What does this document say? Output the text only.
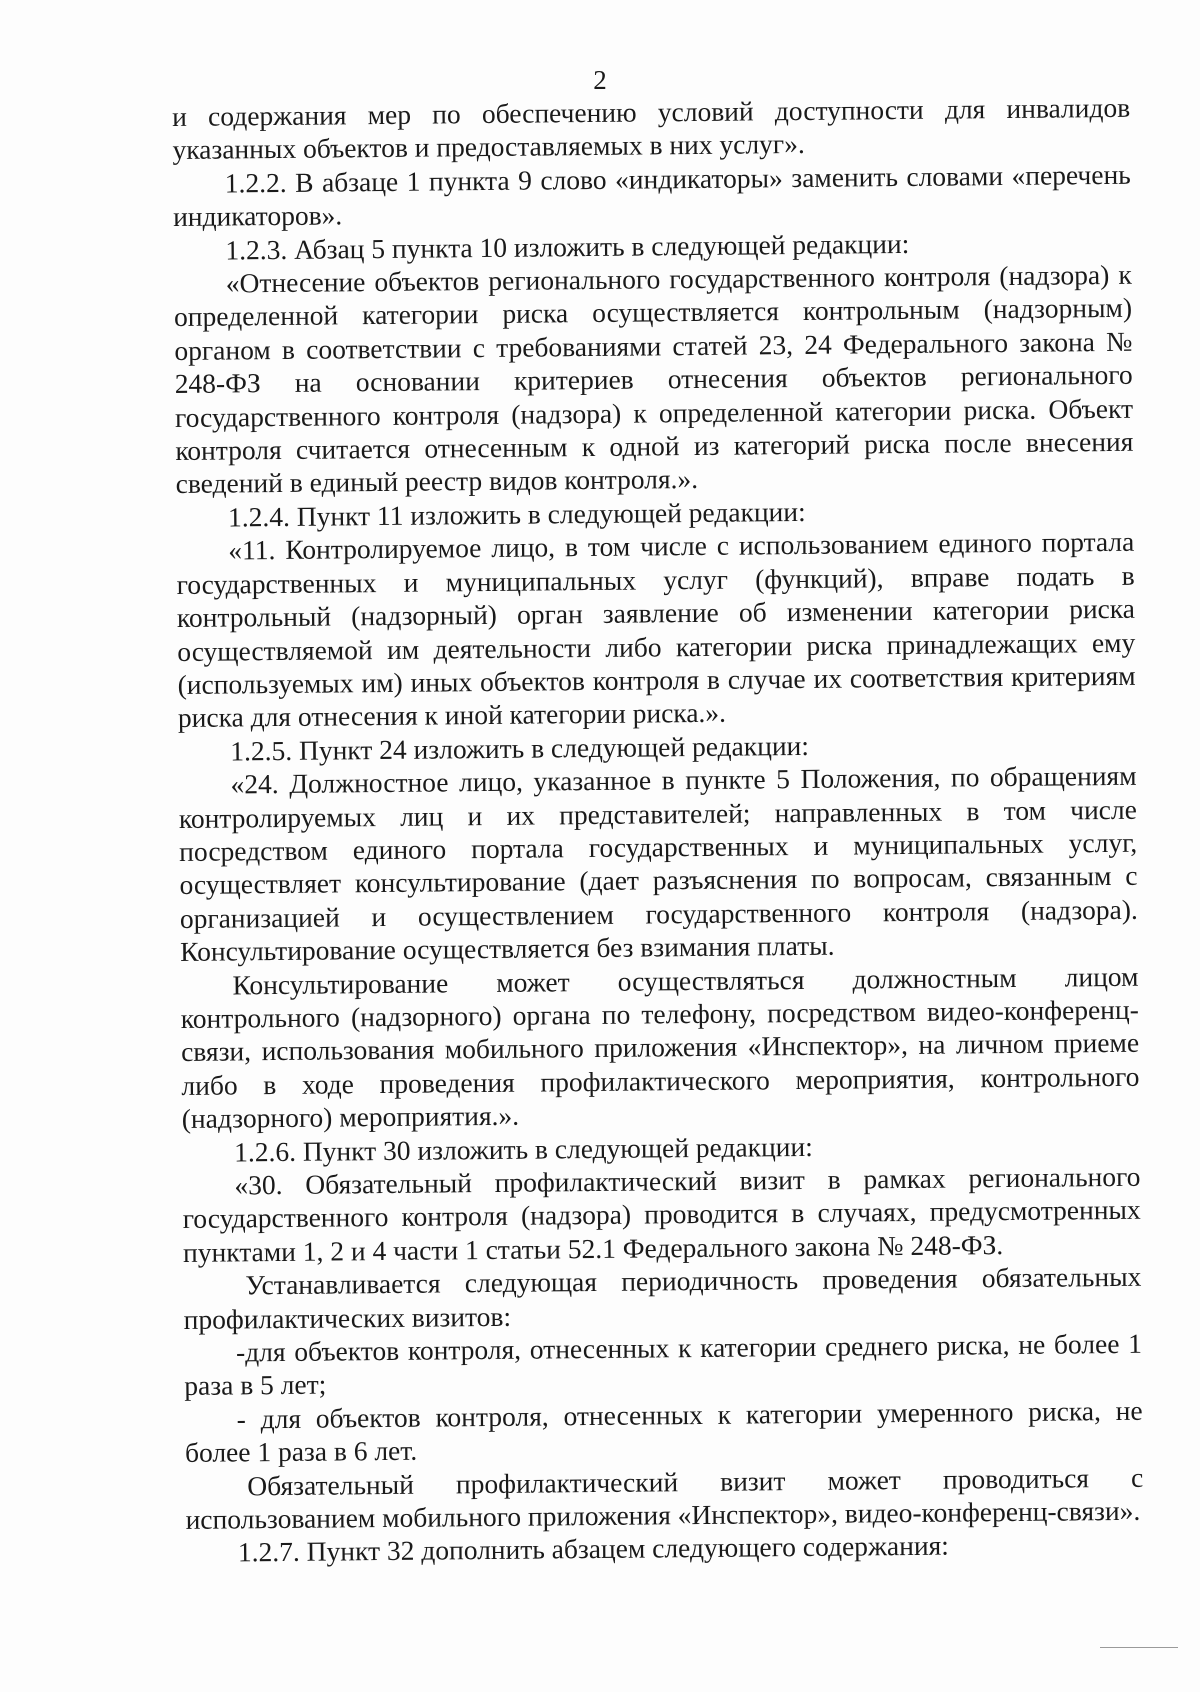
2

и содержания мер по обеспечению условий доступности для инвалидов указанных объектов и предоставляемых в них услуг».

1.2.2. В абзаце 1 пункта 9 слово «индикаторы» заменить словами «перечень индикаторов».

1.2.3. Абзац 5 пункта 10 изложить в следующей редакции:

«Отнесение объектов регионального государственного контроля (надзора) к определенной категории риска осуществляется контрольным (надзорным) органом в соответствии с требованиями статей 23, 24 Федерального закона № 248-ФЗ на основании критериев отнесения объектов регионального государственного контроля (надзора) к определенной категории риска. Объект контроля считается отнесенным к одной из категорий риска после внесения сведений в единый реестр видов контроля.».

1.2.4. Пункт 11 изложить в следующей редакции:

«11. Контролируемое лицо, в том числе с использованием единого портала государственных и муниципальных услуг (функций), вправе подать в контрольный (надзорный) орган заявление об изменении категории риска осуществляемой им деятельности либо категории риска принадлежащих ему (используемых им) иных объектов контроля в случае их соответствия критериям риска для отнесения к иной категории риска.».

1.2.5. Пункт 24 изложить в следующей редакции:

«24. Должностное лицо, указанное в пункте 5 Положения, по обращениям контролируемых лиц и их представителей; направленных в том числе посредством единого портала государственных и муниципальных услуг, осуществляет консультирование (дает разъяснения по вопросам, связанным с организацией и осуществлением государственного контроля (надзора). Консультирование осуществляется без взимания платы.

Консультирование может осуществляться должностным лицом контрольного (надзорного) органа по телефону, посредством видео-конференц-связи, использования мобильного приложения «Инспектор», на личном приеме либо в ходе проведения профилактического мероприятия, контрольного (надзорного) мероприятия.».

1.2.6. Пункт 30 изложить в следующей редакции:

«30. Обязательный профилактический визит в рамках регионального государственного контроля (надзора) проводится в случаях, предусмотренных пунктами 1, 2 и 4 части 1 статьи 52.1 Федерального закона № 248-ФЗ.

Устанавливается следующая периодичность проведения обязательных профилактических визитов:

-для объектов контроля, отнесенных к категории среднего риска, не более 1 раза в 5 лет;

- для объектов контроля, отнесенных к категории умеренного риска, не более 1 раза в 6 лет.

Обязательный профилактический визит может проводиться с использованием мобильного приложения «Инспектор», видео-конференц-связи».

1.2.7. Пункт 32 дополнить абзацем следующего содержания:
